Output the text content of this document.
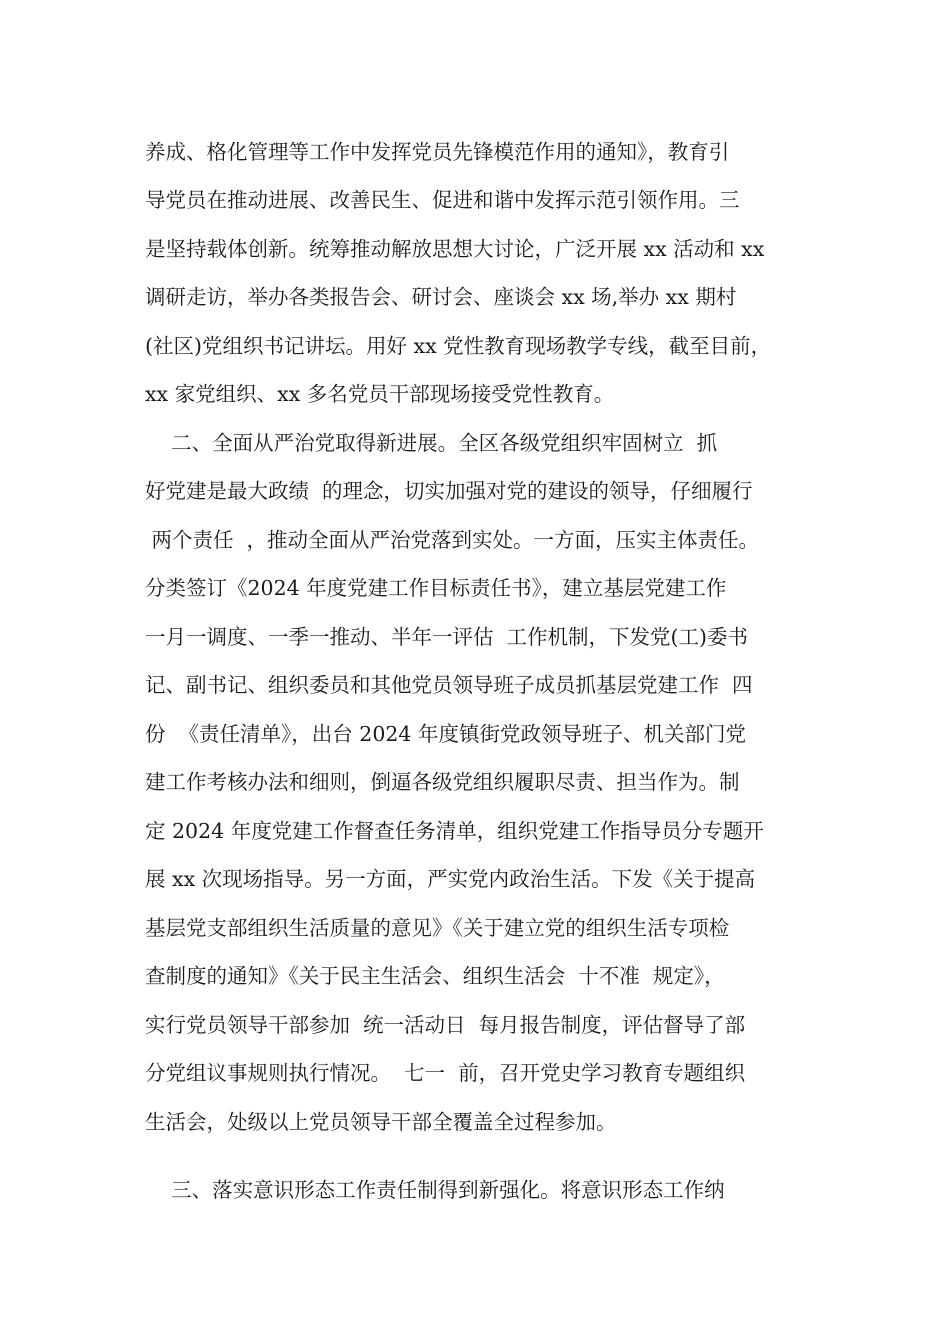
养成、格化管理等工作中发挥党员先锋模范作用的通知》，教育引
导党员在推动进展、改善民生、促进和谐中发挥示范引领作用。三
是坚持载体创新。统筹推动解放思想大讨论，广泛开展 xx 活动和 xx
调研走访，举办各类报告会、研讨会、座谈会 xx 场,举办 xx 期村
(社区)党组织书记讲坛。用好 xx 党性教育现场教学专线，截至目前，
xx 家党组织、xx 多名党员干部现场接受党性教育。
二、全面从严治党取得新进展。全区各级党组织牢固树立  抓
好党建是最大政绩  的理念，切实加强对党的建设的领导，仔细履行
两个责任  ，推动全面从严治党落到实处。一方面，压实主体责任。
分类签订《2024 年度党建工作目标责任书》，建立基层党建工作
一月一调度、一季一推动、半年一评估  工作机制，下发党(工)委书
记、副书记、组织委员和其他党员领导班子成员抓基层党建工作  四
份  《责任清单》，出台 2024 年度镇街党政领导班子、机关部门党
建工作考核办法和细则，倒逼各级党组织履职尽责、担当作为。制
定 2024 年度党建工作督查任务清单，组织党建工作指导员分专题开
展 xx 次现场指导。另一方面，严实党内政治生活。下发《关于提高
基层党支部组织生活质量的意见》《关于建立党的组织生活专项检
查制度的通知》《关于民主生活会、组织生活会  十不准  规定》，
实行党员领导干部参加  统一活动日  每月报告制度，评估督导了部
分党组议事规则执行情况。  七一  前，召开党史学习教育专题组织
生活会，处级以上党员领导干部全覆盖全过程参加。
三、落实意识形态工作责任制得到新强化。将意识形态工作纳
